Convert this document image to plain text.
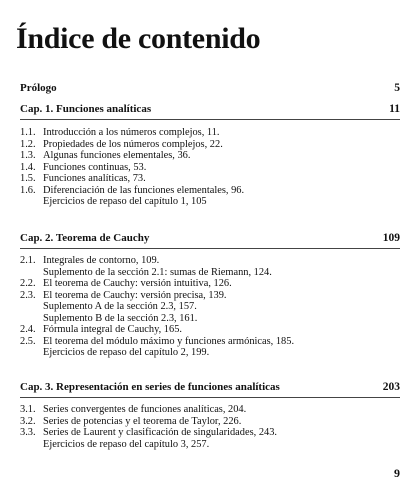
Índice de contenido
Prólogo	5
Cap. 1. Funciones analíticas	11
1.1. Introducción a los números complejos, 11.
1.2. Propiedades de los números complejos, 22.
1.3. Algunas funciones elementales, 36.
1.4. Funciones continuas, 53.
1.5. Funciones analíticas, 73.
1.6. Diferenciación de las funciones elementales, 96.
Ejercicios de repaso del capítulo 1, 105
Cap. 2. Teorema de Cauchy	109
2.1. Integrales de contorno, 109.
Suplemento de la sección 2.1: sumas de Riemann, 124.
2.2. El teorema de Cauchy: versión intuitiva, 126.
2.3. El teorema de Cauchy: versión precisa, 139.
Suplemento A de la sección 2.3, 157.
Suplemento B de la sección 2.3, 161.
2.4. Fórmula integral de Cauchy, 165.
2.5. El teorema del módulo máximo y funciones armónicas, 185.
Ejercicios de repaso del capítulo 2, 199.
Cap. 3. Representación en series de funciones analíticas	203
3.1. Series convergentes de funciones analíticas, 204.
3.2. Series de potencias y el teorema de Taylor, 226.
3.3. Series de Laurent y clasificación de singularidades, 243.
Ejercicios de repaso del capítulo 3, 257.
9
